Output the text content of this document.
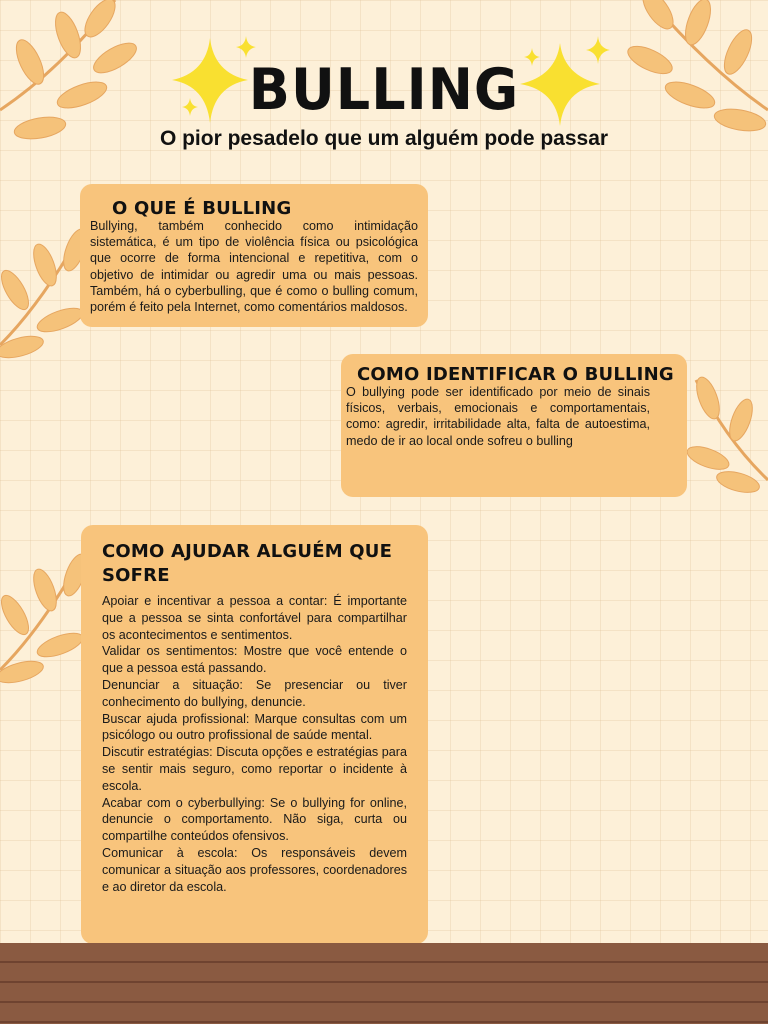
BULLING
O pior pesadelo que um alguém pode passar
O QUE É BULLING

Bullying, também conhecido como intimidação sistemática, é um tipo de violência física ou psicológica que ocorre de forma intencional e repetitiva, com o objetivo de intimidar ou agredir uma ou mais pessoas. Também, há o cyberbulling, que é como o bulling comum, porém é feito pela Internet, como comentários maldosos.

COMO IDENTIFICAR O BULLING

O bullying pode ser identificado por meio de sinais físicos, verbais, emocionais e comportamentais, como: agredir, irritabilidade alta, falta de autoestima, medo de ir ao local onde sofreu o bulling

COMO AJUDAR ALGUÉM QUE SOFRE

Apoiar e incentivar a pessoa a contar: É importante que a pessoa se sinta confortável para compartilhar os acontecimentos e sentimentos.

Validar os sentimentos: Mostre que você entende o que a pessoa está passando.

Denunciar a situação: Se presenciar ou tiver conhecimento do bullying, denuncie.

Buscar ajuda profissional: Marque consultas com um psicólogo ou outro profissional de saúde mental.

Discutir estratégias: Discuta opções e estratégias para se sentir mais seguro, como reportar o incidente à escola.

Acabar com o cyberbullying: Se o bullying for online, denuncie o comportamento. Não siga, curta ou compartilhe conteúdos ofensivos.

Comunicar à escola: Os responsáveis devem comunicar a situação aos professores, coordenadores e ao diretor da escola.
